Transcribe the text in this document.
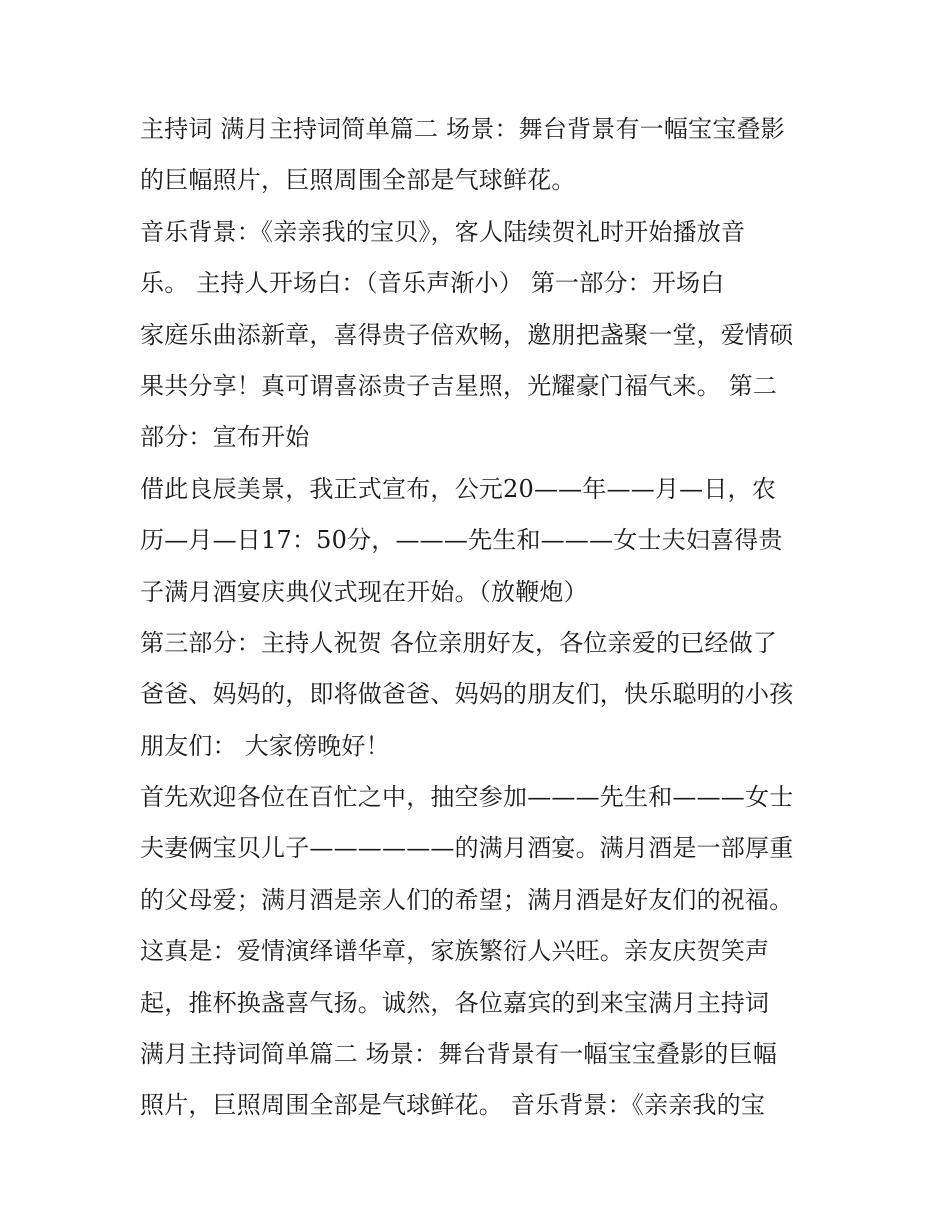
主持词 满月主持词简单篇二 场景：舞台背景有一幅宝宝叠影
的巨幅照片，巨照周围全部是气球鲜花。
音乐背景：《亲亲我的宝贝》，客人陆续贺礼时开始播放音
乐。 主持人开场白：（音乐声渐小） 第一部分：开场白
家庭乐曲添新章，喜得贵子倍欢畅，邀朋把盏聚一堂，爱情硕
果共分享！真可谓喜添贵子吉星照，光耀豪门福气来。 第二
部分：宣布开始
借此良辰美景，我正式宣布，公元20——年——月—日，农
历—月—日17：50分，———先生和———女士夫妇喜得贵
子满月酒宴庆典仪式现在开始。（放鞭炮）
第三部分：主持人祝贺 各位亲朋好友，各位亲爱的已经做了
爸爸、妈妈的，即将做爸爸、妈妈的朋友们，快乐聪明的小孩
朋友们： 大家傍晚好！
首先欢迎各位在百忙之中，抽空参加———先生和———女士
夫妻俩宝贝儿子——————的满月酒宴。满月酒是一部厚重
的父母爱；满月酒是亲人们的希望；满月酒是好友们的祝福。
这真是：爱情演绎谱华章，家族繁衍人兴旺。亲友庆贺笑声
起，推杯换盏喜气扬。诚然，各位嘉宾的到来宝满月主持词
满月主持词简单篇二 场景：舞台背景有一幅宝宝叠影的巨幅
照片，巨照周围全部是气球鲜花。 音乐背景：《亲亲我的宝
